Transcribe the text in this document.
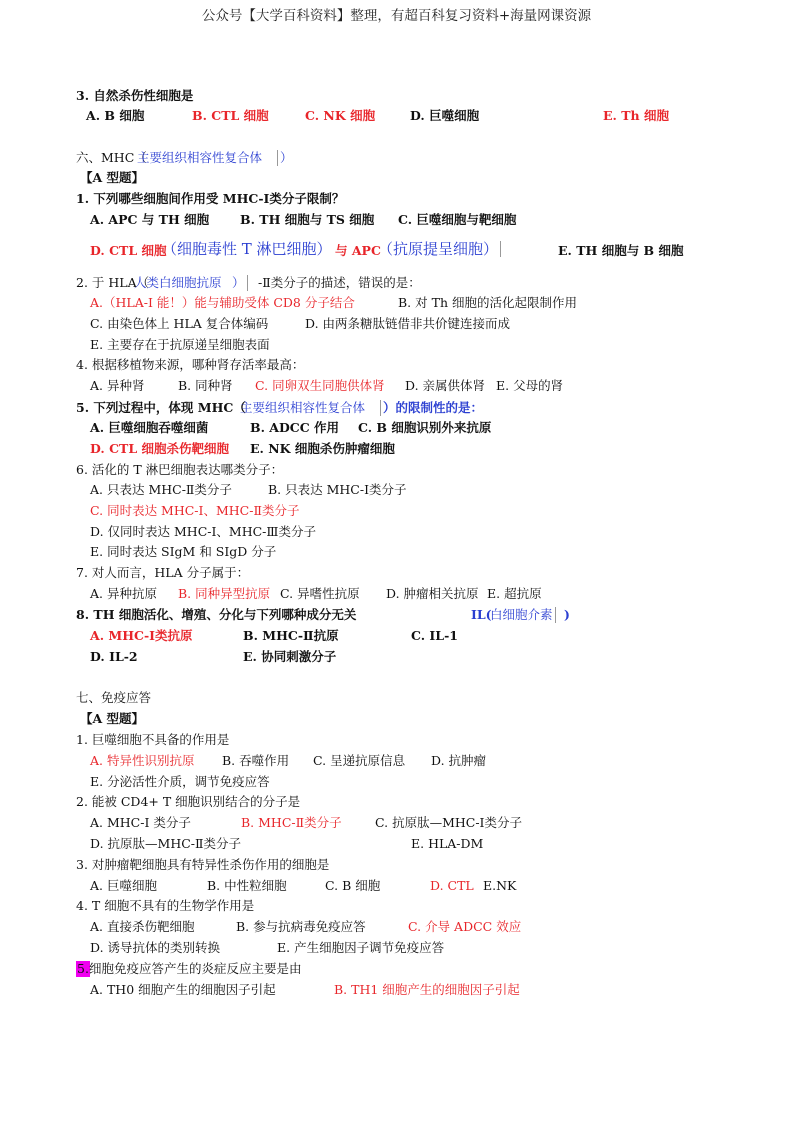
公众号【大学百科资料】整理，有超百科复习资料+海量网课资源
3. 自然杀伤性细胞是
A. B 细胞	B. CTL 细胞	C. NK 细胞	D. 巨噬细胞	E. Th 细胞
六、MHC（
主要组织相容性复合体 ）
【A 型题】
1. 下列哪些细胞间作用受 MHC-Ⅰ类分子限制？
A. APC 与 TH 细胞 B. TH 细胞与 TS 细胞 C. 巨噬细胞与靶细胞
D. CTL 细胞
（细胞毒性 T 淋巴细胞） 与 APC
（抗原提呈细胞）	E. TH 细胞与 B 细胞
2. 于 HLA（
人类白细胞抗原 ） -Ⅱ类分子的描述，错误的是：
A.（HLA-I 能！）能与辅助受体 CD8 分子结合	B. 对 Th 细胞的活化起限制作用
C. 由染色体上 HLA 复合体编码	D. 由两条糖肽链借非共价键连接而成
E. 主要存在于抗原递呈细胞表面
4. 根据移植物来源，哪种肾存活率最高：
A. 异种肾	B. 同种肾 C. 同卵双生同胞供体肾 D. 亲属供体肾 E. 父母的肾
5. 下列过程中，体现 MHC（
主要组织相容性复合体 ）的限制性的是：
A. 巨噬细胞吞噬细菌	B. ADCC 作用 C. B 细胞识别外来抗原
D. CTL 细胞杀伤靶细胞 E. NK 细胞杀伤肿瘤细胞
6. 活化的 T 淋巴细胞表达哪类分子：
A. 只表达 MHC-Ⅱ类分子	B. 只表达 MHC-Ⅰ类分子
C. 同时表达 MHC-Ⅰ、MHC-Ⅱ类分子
D. 仅同时表达 MHC-Ⅰ、MHC-Ⅲ类分子
E. 同时表达 SIgM 和 SIgD 分子
7. 对人而言，HLA 分子属于：
A. 异种抗原 B. 同种异型抗原 C. 异嗜性抗原 D. 肿瘤相关抗原 E. 超抗原
8. TH 细胞活化、增殖、分化与下列哪种成分无关	IL(
白细胞介素 )
A. MHC-Ⅰ类抗原	B. MHC-Ⅱ抗原	C. IL-1
D. IL-2	E. 协同刺激分子
七、免疫应答
【A 型题】
1. 巨噬细胞不具备的作用是
A. 特异性识别抗原 B. 吞噬作用 C. 呈递抗原信息 D. 抗肿瘤
E. 分泌活性介质，调节免疫应答
2. 能被 CD4+ T 细胞识别结合的分子是
A. MHC-Ⅰ 类分子	B. MHC-Ⅱ类分子	C. 抗原肽—MHC-Ⅰ类分子
D. 抗原肽—MHC-Ⅱ类分子	E. HLA-DM
3. 对肿瘤靶细胞具有特异性杀伤作用的细胞是
A. 巨噬细胞	B. 中性粒细胞	C. B 细胞	D. CTL E.NK
4. T 细胞不具有的生物学作用是
A. 直接杀伤靶细胞	B. 参与抗病毒免疫应答	C. 介导 ADCC 效应
D. 诱导抗体的类别转换	E. 产生细胞因子调节免疫应答
5. 细胞免疫应答产生的炎症反应主要是由
A. TH0 细胞产生的细胞因子引起	B. TH1 细胞产生的细胞因子引起
